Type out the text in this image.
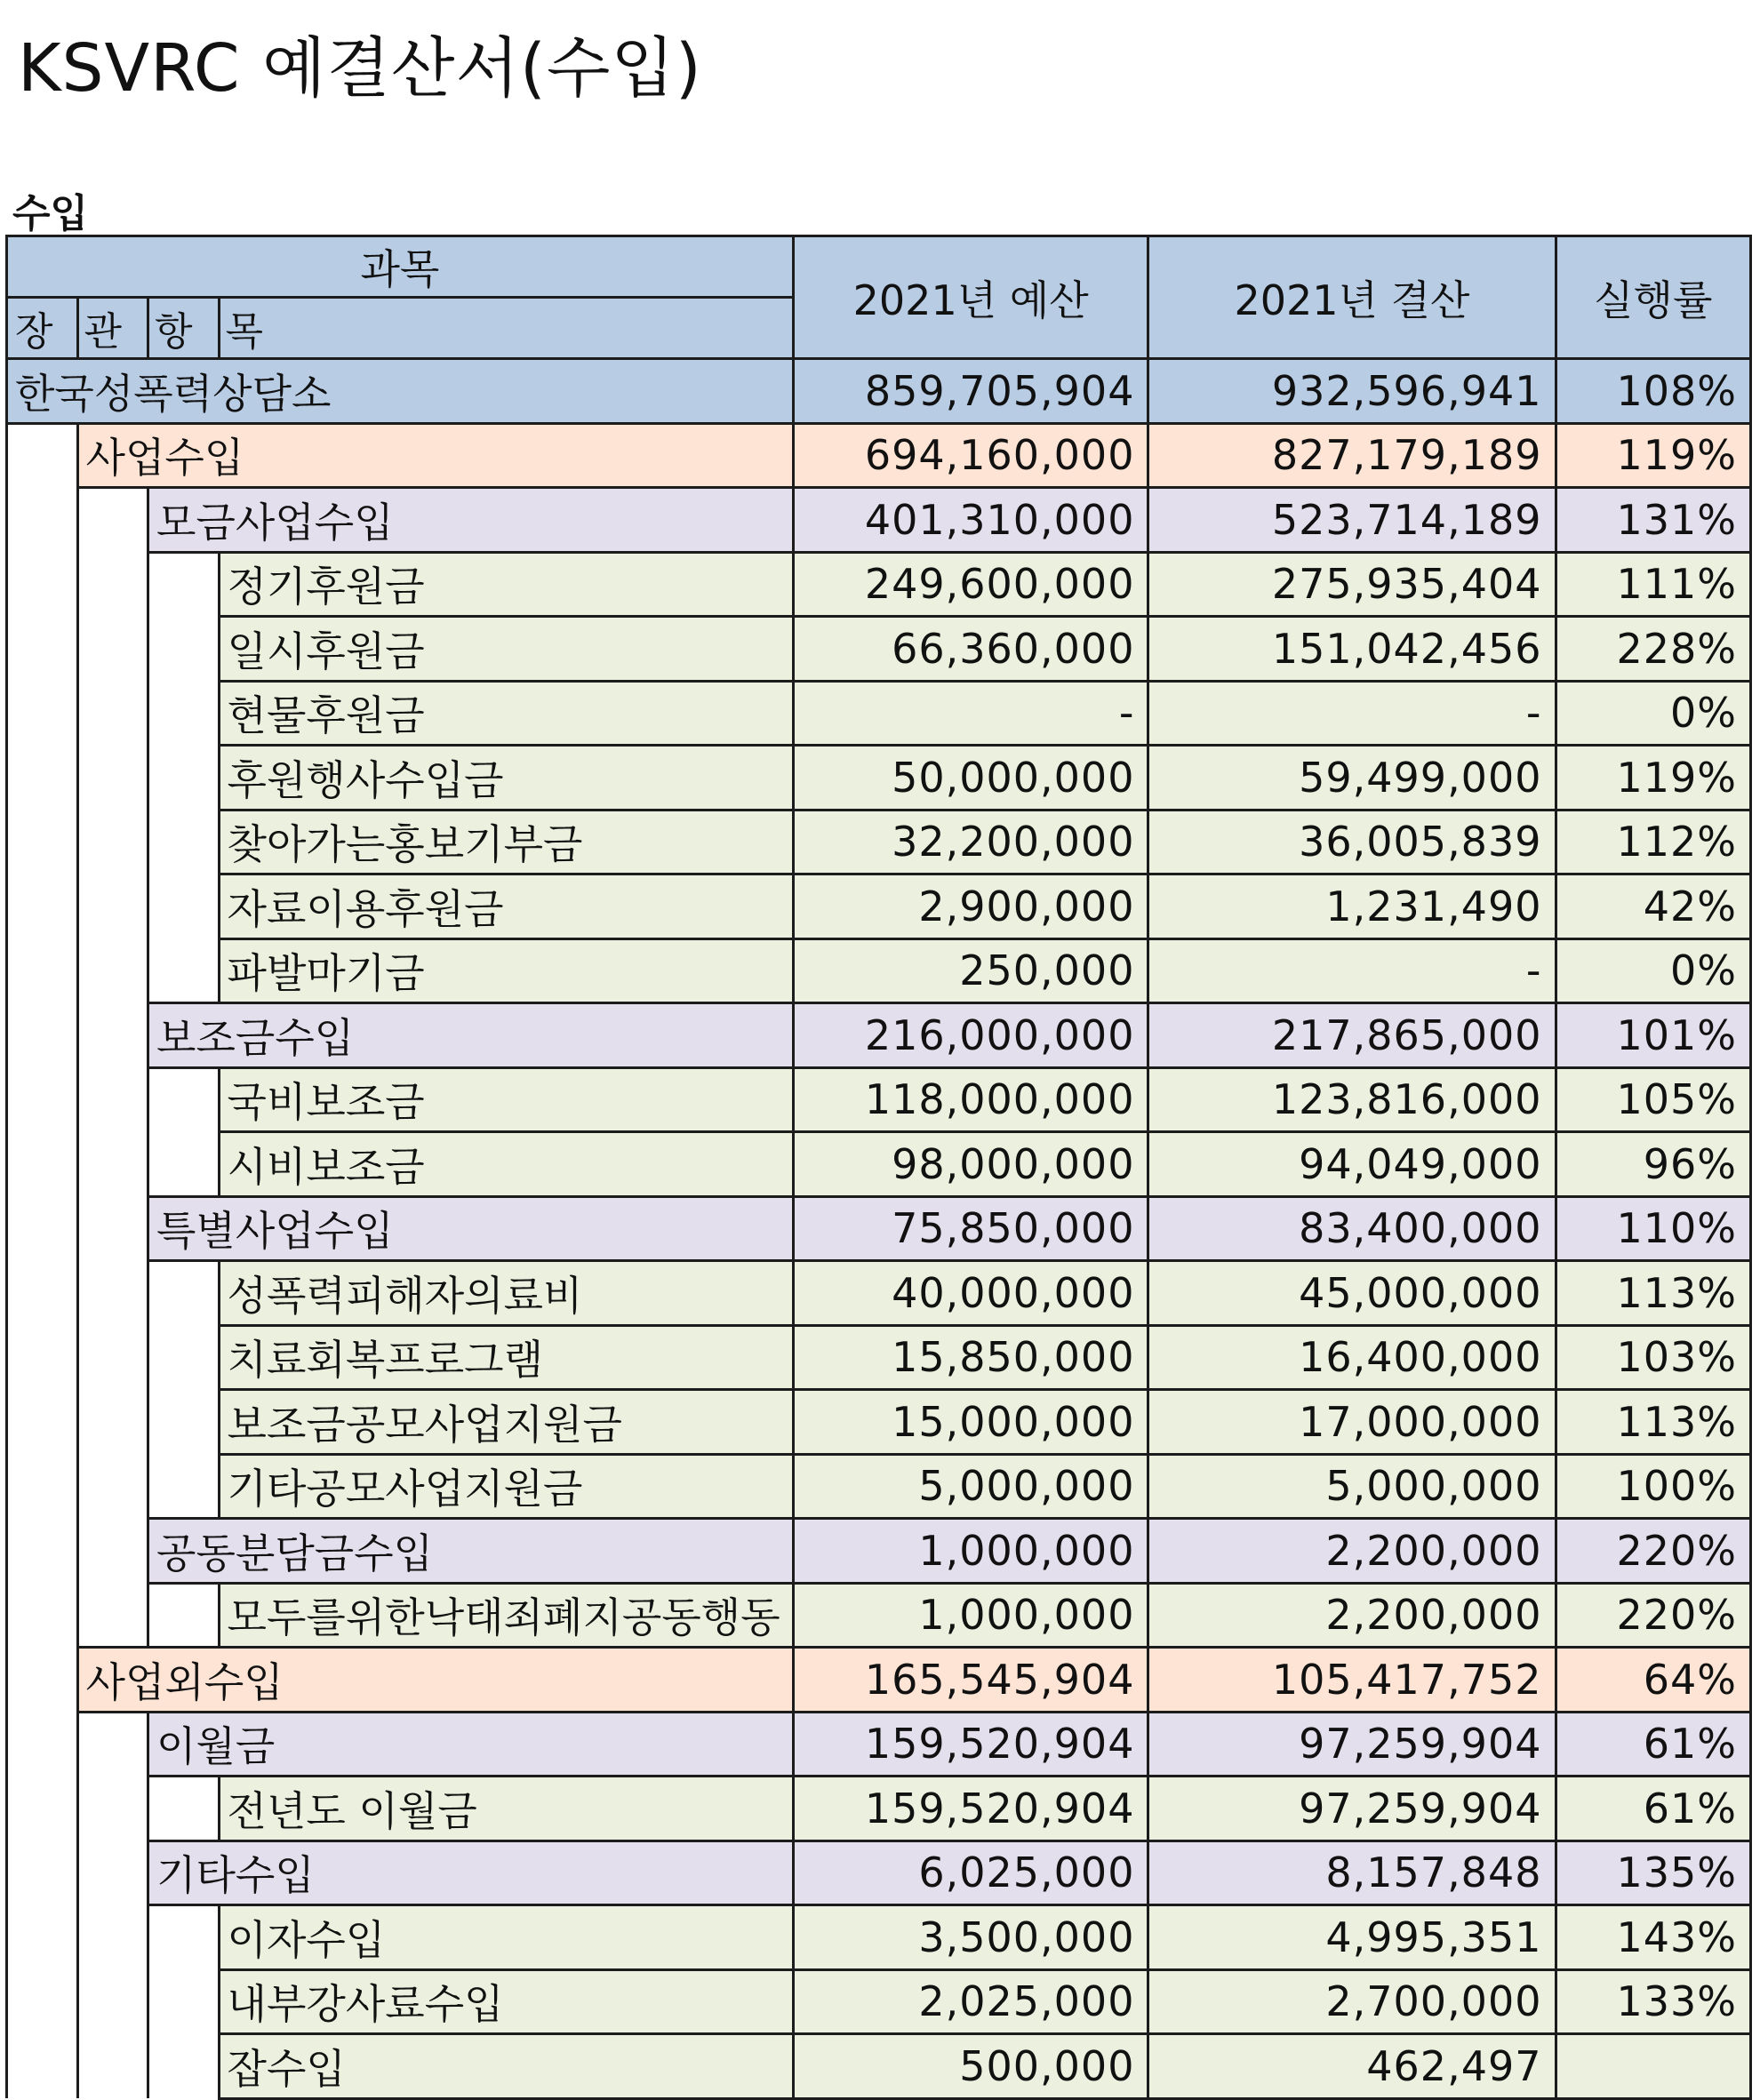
KSVRC 예결산서(수입)
수입
과목				2021년 예산	2021년 결산	실행률
장	관	항	목			
한국성폭력상담소				859,705,904	932,596,941	108%
	사업수입			694,160,000	827,179,189	119%
		모금사업수입		401,310,000	523,714,189	131%
			정기후원금	249,600,000	275,935,404	111%
			일시후원금	66,360,000	151,042,456	228%
			현물후원금	-	-	0%
			후원행사수입금	50,000,000	59,499,000	119%
			찾아가는홍보기부금	32,200,000	36,005,839	112%
			자료이용후원금	2,900,000	1,231,490	42%
			파발마기금	250,000	-	0%
		보조금수입		216,000,000	217,865,000	101%
			국비보조금	118,000,000	123,816,000	105%
			시비보조금	98,000,000	94,049,000	96%
		특별사업수입		75,850,000	83,400,000	110%
			성폭력피해자의료비	40,000,000	45,000,000	113%
			치료회복프로그램	15,850,000	16,400,000	103%
			보조금공모사업지원금	15,000,000	17,000,000	113%
			기타공모사업지원금	5,000,000	5,000,000	100%
		공동분담금수입		1,000,000	2,200,000	220%
			모두를위한낙태죄폐지공동행동	1,000,000	2,200,000	220%
	사업외수입			165,545,904	105,417,752	64%
		이월금		159,520,904	97,259,904	61%
			전년도 이월금	159,520,904	97,259,904	61%
		기타수입		6,025,000	8,157,848	135%
			이자수입	3,500,000	4,995,351	143%
			내부강사료수입	2,025,000	2,700,000	133%
			잡수입	500,000	462,497	
